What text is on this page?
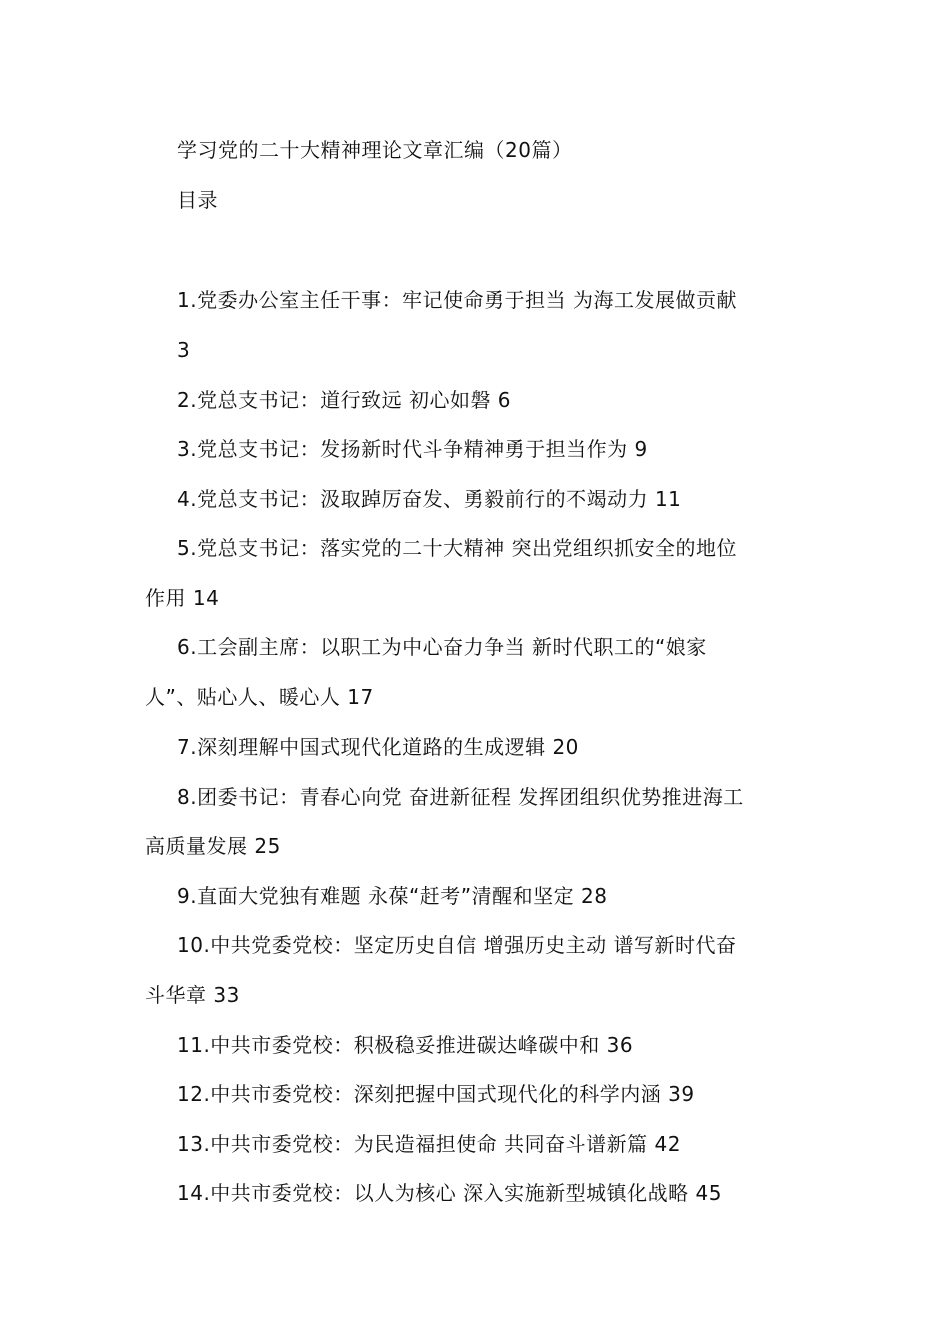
学习党的二十大精神理论文章汇编（20篇）
目录
1.党委办公室主任干事：牢记使命勇于担当 为海工发展做贡献
3
2.党总支书记：道行致远 初心如磐 6
3.党总支书记：发扬新时代斗争精神勇于担当作为 9
4.党总支书记：汲取踔厉奋发、勇毅前行的不竭动力 11
5.党总支书记：落实党的二十大精神 突出党组织抓安全的地位
作用 14
6.工会副主席：以职工为中心奋力争当 新时代职工的“娘家
人”、贴心人、暖心人 17
7.深刻理解中国式现代化道路的生成逻辑 20
8.团委书记：青春心向党 奋进新征程 发挥团组织优势推进海工
高质量发展 25
9.直面大党独有难题 永葆“赶考”清醒和坚定 28
10.中共党委党校：坚定历史自信 增强历史主动 谱写新时代奋
斗华章 33
11.中共市委党校：积极稳妥推进碳达峰碳中和 36
12.中共市委党校：深刻把握中国式现代化的科学内涵 39
13.中共市委党校：为民造福担使命 共同奋斗谱新篇 42
14.中共市委党校：以人为核心 深入实施新型城镇化战略 45
